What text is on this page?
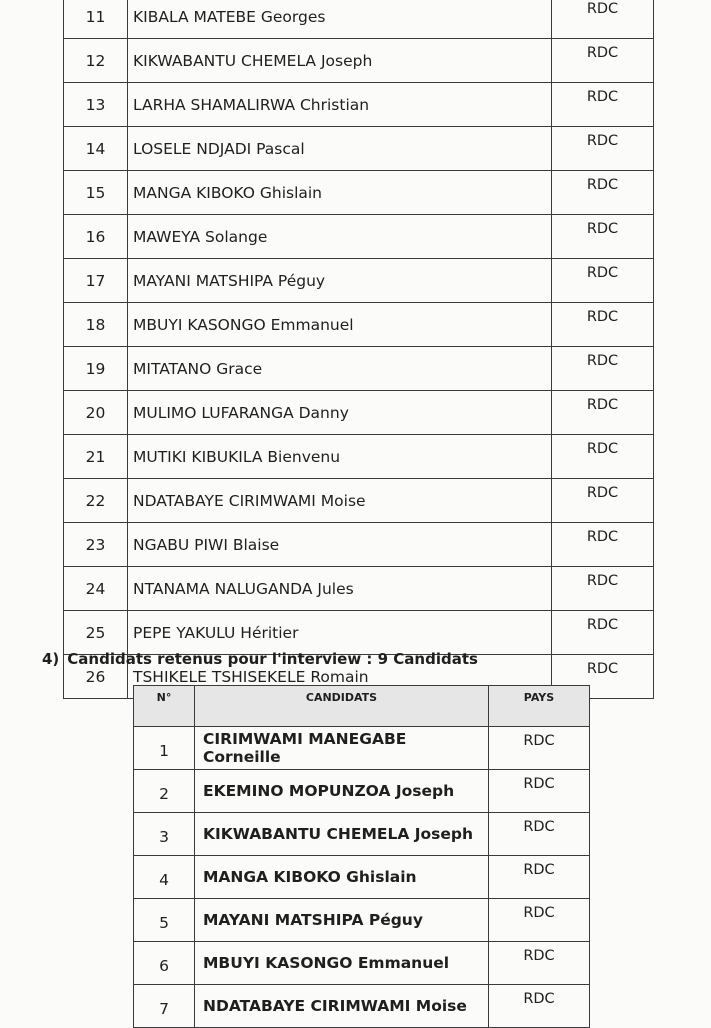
11	KIBALA MATEBE Georges	RDC
12	KIKWABANTU CHEMELA Joseph	RDC
13	LARHA SHAMALIRWA Christian	RDC
14	LOSELE NDJADI Pascal	RDC
15	MANGA KIBOKO Ghislain	RDC
16	MAWEYA Solange	RDC
17	MAYANI MATSHIPA Péguy	RDC
18	MBUYI KASONGO Emmanuel	RDC
19	MITATANO Grace	RDC
20	MULIMO LUFARANGA Danny	RDC
21	MUTIKI KIBUKILA Bienvenu	RDC
22	NDATABAYE CIRIMWAMI Moise	RDC
23	NGABU PIWI Blaise	RDC
24	NTANAMA NALUGANDA Jules	RDC
25	PEPE YAKULU Héritier	RDC
26	TSHIKELE TSHISEKELE Romain	RDC

4) Candidats retenus pour l'interview : 9 Candidats

N°	CANDIDATS	PAYS
1	CIRIMWAMI MANEGABE Corneille	RDC
2	EKEMINO MOPUNZOA Joseph	RDC
3	KIKWABANTU CHEMELA Joseph	RDC
4	MANGA KIBOKO Ghislain	RDC
5	MAYANI MATSHIPA Péguy	RDC
6	MBUYI KASONGO Emmanuel	RDC
7	NDATABAYE CIRIMWAMI Moise	RDC
